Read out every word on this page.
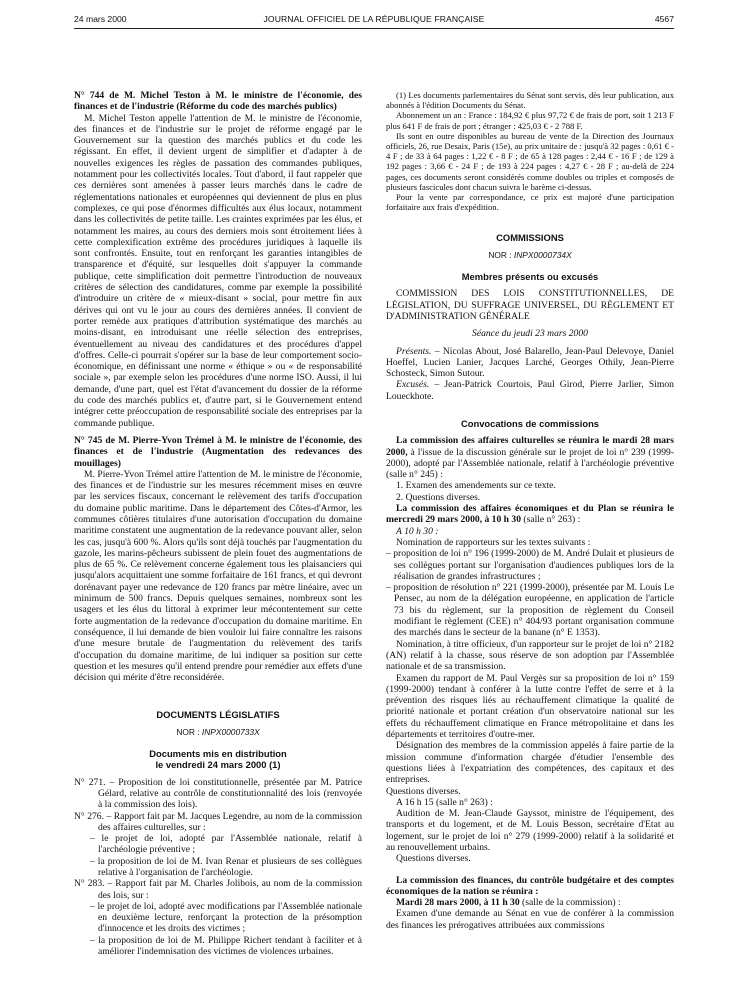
24 mars 2000	JOURNAL OFFICIEL DE LA RÉPUBLIQUE FRANÇAISE	4567

N° 744 de M. Michel Teston à M. le ministre de l'économie, des finances et de l'industrie (Réforme du code des marchés publics)

M. Michel Teston appelle l'attention de M. le ministre de l'économie, des finances et de l'industrie sur le projet de réforme engagé par le Gouvernement sur la question des marchés publics et du code les régissant. En effet, il devient urgent de simplifier et d'adapter à de nouvelles exigences les règles de passation des commandes publiques, notamment pour les collectivités locales. Tout d'abord, il faut rappeler que ces dernières sont amenées à passer leurs marchés dans le cadre de réglementations nationales et européennes qui deviennent de plus en plus complexes, ce qui pose d'énormes difficultés aux élus locaux, notamment dans les collectivités de petite taille. Les craintes exprimées par les élus, et notamment les maires, au cours des derniers mois sont étroitement liées à cette complexification extrême des procédures juridiques à laquelle ils sont confrontés. Ensuite, tout en renforçant les garanties intangibles de transparence et d'équité, sur lesquelles doit s'appuyer la commande publique, cette simplification doit permettre l'introduction de nouveaux critères de sélection des candidatures, comme par exemple la possibilité d'introduire un critère de « mieux-disant » social, pour mettre fin aux dérives qui ont vu le jour au cours des dernières années. Il convient de porter remède aux pratiques d'attribution systématique des marchés au moins-disant, en introduisant une réelle sélection des entreprises, éventuellement au niveau des candidatures et des procédures d'appel d'offres. Celle-ci pourrait s'opérer sur la base de leur comportement socio-économique, en définissant une norme « éthique » ou « de responsabilité sociale », par exemple selon les procédures d'une norme ISO. Aussi, il lui demande, d'une part, quel est l'état d'avancement du dossier de la réforme du code des marchés publics et, d'autre part, si le Gouvernement entend intégrer cette préoccupation de responsabilité sociale des entreprises par la commande publique.

N° 745 de M. Pierre-Yvon Trémel à M. le ministre de l'économie, des finances et de l'industrie (Augmentation des redevances des mouillages)

M. Pierre-Yvon Trémel attire l'attention de M. le ministre de l'économie, des finances et de l'industrie sur les mesures récemment mises en œuvre par les services fiscaux, concernant le relèvement des tarifs d'occupation du domaine public maritime. Dans le département des Côtes-d'Armor, les communes côtières titulaires d'une autorisation d'occupation du domaine maritime constatent une augmentation de la redevance pouvant aller, selon les cas, jusqu'à 600 %. Alors qu'ils sont déjà touchés par l'augmentation du gazole, les marins-pêcheurs subissent de plein fouet des augmentations de plus de 65 %. Ce relèvement concerne également tous les plaisanciers qui jusqu'alors acquittaient une somme forfaitaire de 161 francs, et qui devront dorénavant payer une redevance de 120 francs par mètre linéaire, avec un minimum de 500 francs. Depuis quelques semaines, nombreux sont les usagers et les élus du littoral à exprimer leur mécontentement sur cette forte augmentation de la redevance d'occupation du domaine maritime. En conséquence, il lui demande de bien vouloir lui faire connaître les raisons d'une mesure brutale de l'augmentation du relèvement des tarifs d'occupation du domaine maritime, de lui indiquer sa position sur cette question et les mesures qu'il entend prendre pour remédier aux effets d'une décision qui mérite d'être reconsidérée.

DOCUMENTS LÉGISLATIFS
NOR : INPX0000733X
Documents mis en distribution
le vendredi 24 mars 2000 (1)

N° 271. – Proposition de loi constitutionnelle, présentée par M. Patrice Gélard, relative au contrôle de constitutionnalité des lois (renvoyée à la commission des lois).

N° 276. – Rapport fait par M. Jacques Legendre, au nom de la commission des affaires culturelles, sur :

– le projet de loi, adopté par l'Assemblée nationale, relatif à l'archéologie préventive ;

– la proposition de loi de M. Ivan Renar et plusieurs de ses collègues relative à l'organisation de l'archéologie.

N° 283. – Rapport fait par M. Charles Jolibois, au nom de la commission des lois, sur :

– le projet de loi, adopté avec modifications par l'Assemblée nationale en deuxième lecture, renforçant la protection de la présomption d'innocence et les droits des victimes ;

– la proposition de loi de M. Philippe Richert tendant à faciliter et à améliorer l'indemnisation des victimes de violences urbaines.

(1) Les documents parlementaires du Sénat sont servis, dès leur publication, aux abonnés à l'édition Documents du Sénat.

Abonnement un an : France : 184,92 € plus 97,72 € de frais de port, soit 1 213 F plus 641 F de frais de port ; étranger : 425,03 € - 2 788 F.

Ils sont en outre disponibles au bureau de vente de la Direction des Journaux officiels, 26, rue Desaix, Paris (15e), au prix unitaire de : jusqu'à 32 pages : 0,61 € - 4 F ; de 33 à 64 pages : 1,22 € - 8 F ; de 65 à 128 pages : 2,44 € - 16 F ; de 129 à 192 pages : 3,66 € - 24 F ; de 193 à 224 pages : 4,27 € - 28 F ; au-delà de 224 pages, ces documents seront considérés comme doubles ou triples et composés de plusieurs fascicules dont chacun suivra le barème ci-dessus.

Pour la vente par correspondance, ce prix est majoré d'une participation forfaitaire aux frais d'expédition.

COMMISSIONS
NOR : INPX0000734X
Membres présents ou excusés

COMMISSION DES LOIS CONSTITUTIONNELLES, DE LÉGISLATION, DU SUFFRAGE UNIVERSEL, DU RÈGLEMENT ET D'ADMINISTRATION GÉNÉRALE

Séance du jeudi 23 mars 2000

Présents. – Nicolas About, José Balarello, Jean-Paul Delevoye, Daniel Hoeffel, Lucien Lanier, Jacques Larché, Georges Othily, Jean-Pierre Schosteck, Simon Sutour.

Excusés. – Jean-Patrick Courtois, Paul Girod, Pierre Jarlier, Simon Loueckhote.

Convocations de commissions

La commission des affaires culturelles se réunira le mardi 28 mars 2000, à l'issue de la discussion générale sur le projet de loi n° 239 (1999-2000), adopté par l'Assemblée nationale, relatif à l'archéologie préventive (salle n° 245) :

1. Examen des amendements sur ce texte.

2. Questions diverses.

La commission des affaires économiques et du Plan se réunira le mercredi 29 mars 2000, à 10 h 30 (salle n° 263) :

A 10 h 30 :

Nomination de rapporteurs sur les textes suivants :

– proposition de loi n° 196 (1999-2000) de M. André Dulait et plusieurs de ses collègues portant sur l'organisation d'audiences publiques lors de la réalisation de grandes infrastructures ;

– proposition de résolution n° 221 (1999-2000), présentée par M. Louis Le Pensec, au nom de la délégation européenne, en application de l'article 73 bis du règlement, sur la proposition de règlement du Conseil modifiant le règlement (CEE) n° 404/93 portant organisation commune des marchés dans le secteur de la banane (n° E 1353).

Nomination, à titre officieux, d'un rapporteur sur le projet de loi n° 2182 (AN) relatif à la chasse, sous réserve de son adoption par l'Assemblée nationale et de sa transmission.

Examen du rapport de M. Paul Vergès sur sa proposition de loi n° 159 (1999-2000) tendant à conférer à la lutte contre l'effet de serre et à la prévention des risques liés au réchauffement climatique la qualité de priorité nationale et portant création d'un observatoire national sur les effets du réchauffement climatique en France métropolitaine et dans les départements et territoires d'outre-mer.

Désignation des membres de la commission appelés à faire partie de la mission commune d'information chargée d'étudier l'ensemble des questions liées à l'expatriation des compétences, des capitaux et des entreprises.

Questions diverses.

A 16 h 15 (salle n° 263) :

Audition de M. Jean-Claude Gayssot, ministre de l'équipement, des transports et du logement, et de M. Louis Besson, secrétaire d'Etat au logement, sur le projet de loi n° 279 (1999-2000) relatif à la solidarité et au renouvellement urbains.

Questions diverses.

La commission des finances, du contrôle budgétaire et des comptes économiques de la nation se réunira :

Mardi 28 mars 2000, à 11 h 30 (salle de la commission) :

Examen d'une demande au Sénat en vue de conférer à la commission des finances les prérogatives attribuées aux commissions
